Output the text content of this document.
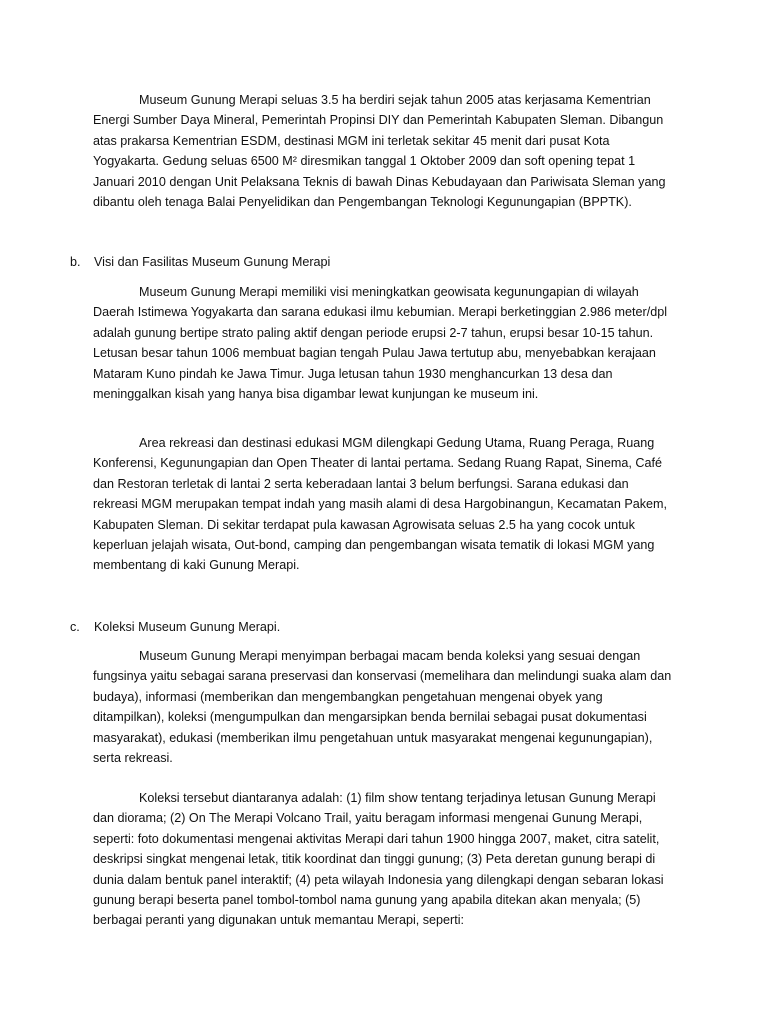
Museum Gunung Merapi seluas 3.5 ha berdiri sejak tahun 2005 atas kerjasama Kementrian Energi Sumber Daya Mineral, Pemerintah Propinsi DIY dan Pemerintah Kabupaten Sleman. Dibangun atas prakarsa Kementrian ESDM, destinasi MGM ini terletak sekitar 45 menit dari pusat Kota Yogyakarta. Gedung seluas 6500 M² diresmikan tanggal 1 Oktober 2009 dan soft opening tepat 1 Januari 2010 dengan Unit Pelaksana Teknis di bawah Dinas Kebudayaan dan Pariwisata Sleman yang dibantu oleh tenaga Balai Penyelidikan dan Pengembangan Teknologi Kegunungapian (BPPTK).

b. Visi dan Fasilitas Museum Gunung Merapi

Museum Gunung Merapi memiliki visi meningkatkan geowisata kegunungapian di wilayah Daerah Istimewa Yogyakarta dan sarana edukasi ilmu kebumian. Merapi berketinggian 2.986 meter/dpl adalah gunung bertipe strato paling aktif dengan periode erupsi 2-7 tahun, erupsi besar 10-15 tahun. Letusan besar tahun 1006 membuat bagian tengah Pulau Jawa tertutup abu, menyebabkan kerajaan Mataram Kuno pindah ke Jawa Timur. Juga letusan tahun 1930 menghancurkan 13 desa dan meninggalkan kisah yang hanya bisa digambar lewat kunjungan ke museum ini.

Area rekreasi dan destinasi edukasi MGM dilengkapi Gedung Utama, Ruang Peraga, Ruang Konferensi, Kegunungapian dan Open Theater di lantai pertama. Sedang Ruang Rapat, Sinema, Café dan Restoran terletak di lantai 2 serta keberadaan lantai 3 belum berfungsi. Sarana edukasi dan rekreasi MGM merupakan tempat indah yang masih alami di desa Hargobinangun, Kecamatan Pakem, Kabupaten Sleman. Di sekitar terdapat pula kawasan Agrowisata seluas 2.5 ha yang cocok untuk keperluan jelajah wisata, Out-bond, camping dan pengembangan wisata tematik di lokasi MGM yang membentang di kaki Gunung Merapi.

c. Koleksi Museum Gunung Merapi.

Museum Gunung Merapi menyimpan berbagai macam benda koleksi yang sesuai dengan fungsinya yaitu sebagai sarana preservasi dan konservasi (memelihara dan melindungi suaka alam dan budaya), informasi (memberikan dan mengembangkan pengetahuan mengenai obyek yang ditampilkan), koleksi (mengumpulkan dan mengarsipkan benda bernilai sebagai pusat dokumentasi masyarakat), edukasi (memberikan ilmu pengetahuan untuk masyarakat mengenai kegunungapian), serta rekreasi.

Koleksi tersebut diantaranya adalah: (1) film show tentang terjadinya letusan Gunung Merapi dan diorama; (2) On The Merapi Volcano Trail, yaitu beragam informasi mengenai Gunung Merapi, seperti: foto dokumentasi mengenai aktivitas Merapi dari tahun 1900 hingga 2007, maket, citra satelit, deskripsi singkat mengenai letak, titik koordinat dan tinggi gunung; (3) Peta deretan gunung berapi di dunia dalam bentuk panel interaktif; (4) peta wilayah Indonesia yang dilengkapi dengan sebaran lokasi gunung berapi beserta panel tombol-tombol nama gunung yang apabila ditekan akan menyala; (5) berbagai peranti yang digunakan untuk memantau Merapi, seperti:
